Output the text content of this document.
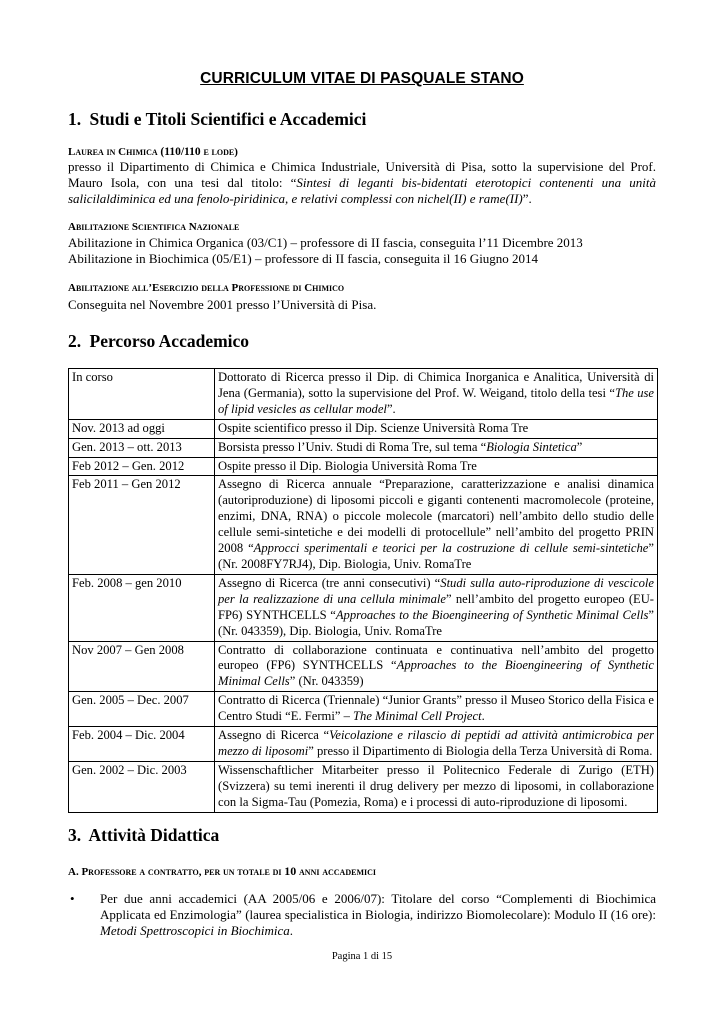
CURRICULUM VITAE DI PASQUALE STANO
1. Studi e Titoli Scientifici e Accademici
Laurea in Chimica (110/110 e lode)
presso il Dipartimento di Chimica e Chimica Industriale, Università di Pisa, sotto la supervisione del Prof. Mauro Isola, con una tesi dal titolo: “Sintesi di leganti bis-bidentati eterotopici contenenti una unità salicilaldiminica ed una fenolo-piridinica, e relativi complessi con nichel(II) e rame(II)”.
Abilitazione Scientifica Nazionale
Abilitazione in Chimica Organica (03/C1) – professore di II fascia, conseguita l’11 Dicembre 2013
Abilitazione in Biochimica (05/E1) – professore di II fascia, conseguita il 16 Giugno 2014
Abilitazione all’Esercizio della Professione di Chimico
Conseguita nel Novembre 2001 presso l’Università di Pisa.
2. Percorso Accademico
In corso	Dottorato di Ricerca presso il Dip. di Chimica Inorganica e Analitica, Università di Jena (Germania), sotto la supervisione del Prof. W. Weigand, titolo della tesi “The use of lipid vesicles as cellular model”.
Nov. 2013 ad oggi	Ospite scientifico presso il Dip. Scienze Università Roma Tre
Gen. 2013 – ott. 2013	Borsista presso l’Univ. Studi di Roma Tre, sul tema “Biologia Sintetica”
Feb 2012 – Gen. 2012	Ospite presso il Dip. Biologia Università Roma Tre
Feb 2011 – Gen 2012	Assegno di Ricerca annuale “Preparazione, caratterizzazione e analisi dinamica (autoriproduzione) di liposomi piccoli e giganti contenenti macromolecole (proteine, enzimi, DNA, RNA) o piccole molecole (marcatori) nell’ambito dello studio delle cellule semi-sintetiche e dei modelli di protocellule” nell’ambito del progetto PRIN 2008 “Approcci sperimentali e teorici per la costruzione di cellule semi-sintetiche” (Nr. 2008FY7RJ4), Dip. Biologia, Univ. RomaTre
Feb. 2008 – gen 2010	Assegno di Ricerca (tre anni consecutivi) “Studi sulla auto-riproduzione di vescicole per la realizzazione di una cellula minimale” nell’ambito del progetto europeo (EU-FP6) SYNTHCELLS “Approaches to the Bioengineering of Synthetic Minimal Cells” (Nr. 043359), Dip. Biologia, Univ. RomaTre
Nov 2007 – Gen 2008	Contratto di collaborazione continuata e continuativa nell’ambito del progetto europeo (FP6) SYNTHCELLS “Approaches to the Bioengineering of Synthetic Minimal Cells” (Nr. 043359)
Gen. 2005 – Dec. 2007	Contratto di Ricerca (Triennale) “Junior Grants” presso il Museo Storico della Fisica e Centro Studi “E. Fermi” – The Minimal Cell Project.
Feb. 2004 – Dic. 2004	Assegno di Ricerca “Veicolazione e rilascio di peptidi ad attività antimicrobica per mezzo di liposomi” presso il Dipartimento di Biologia della Terza Università di Roma.
Gen. 2002 – Dic. 2003	Wissenschaftlicher Mitarbeiter presso il Politecnico Federale di Zurigo (ETH) (Svizzera) su temi inerenti il drug delivery per mezzo di liposomi, in collaborazione con la Sigma-Tau (Pomezia, Roma) e i processi di auto-riproduzione di liposomi.
3. Attività Didattica
A. Professore a contratto, per un totale di 10 anni accademici
• Per due anni accademici (AA 2005/06 e 2006/07): Titolare del corso “Complementi di Biochimica Applicata ed Enzimologia” (laurea specialistica in Biologia, indirizzo Biomolecolare): Modulo II (16 ore): Metodi Spettroscopici in Biochimica.
Pagina 1 di 15
